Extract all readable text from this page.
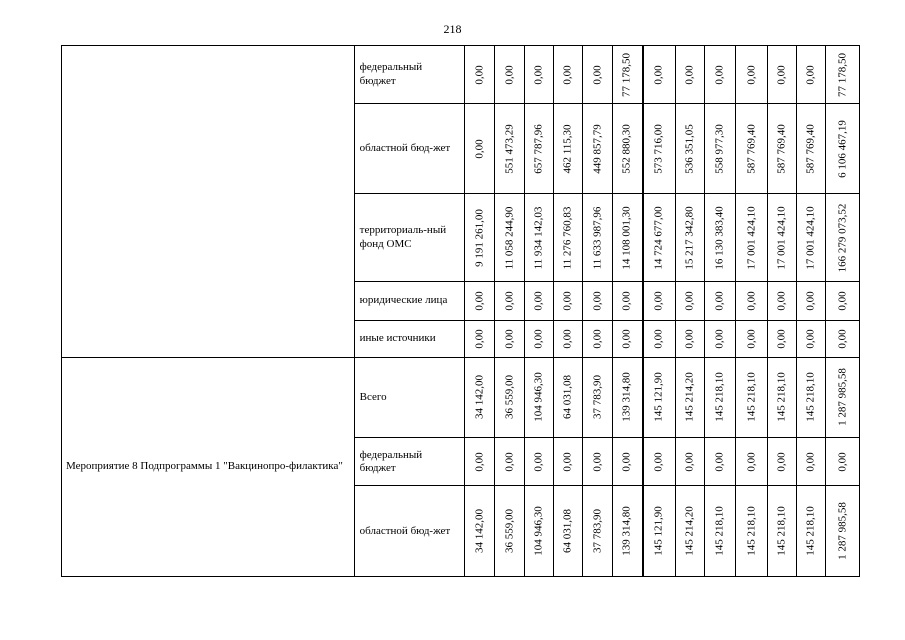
218
	федеральный бюджет	0,00	0,00	0,00	0,00	0,00	77 178,50	0,00	0,00	0,00	0,00	0,00	0,00	77 178,50

	областной бюд-жет	0,00	551 473,29	657 787,96	462 115,30	449 857,79	552 880,30	573 716,00	536 351,05	558 977,30	587 769,40	587 769,40	587 769,40	6 106 467,19

	территориаль-ный фонд ОМС	9 191 261,00	11 058 244,90	11 934 142,03	11 276 760,83	11 633 987,96	14 108 001,30	14 724 677,00	15 217 342,80	16 130 383,40	17 001 424,10	17 001 424,10	17 001 424,10	166 279 073,52

	юридические лица	0,00	0,00	0,00	0,00	0,00	0,00	0,00	0,00	0,00	0,00	0,00	0,00	0,00

	иные источники	0,00	0,00	0,00	0,00	0,00	0,00	0,00	0,00	0,00	0,00	0,00	0,00	0,00

Мероприятие 8 Подпрограммы 1 "Вакцинопро-филактика"	Всего	34 142,00	36 559,00	104 946,30	64 031,08	37 783,90	139 314,80	145 121,90	145 214,20	145 218,10	145 218,10	145 218,10	145 218,10	1 287 985,58

	федеральный бюджет	0,00	0,00	0,00	0,00	0,00	0,00	0,00	0,00	0,00	0,00	0,00	0,00	0,00

	областной бюд-жет	34 142,00	36 559,00	104 946,30	64 031,08	37 783,90	139 314,80	145 121,90	145 214,20	145 218,10	145 218,10	145 218,10	145 218,10	1 287 985,58
